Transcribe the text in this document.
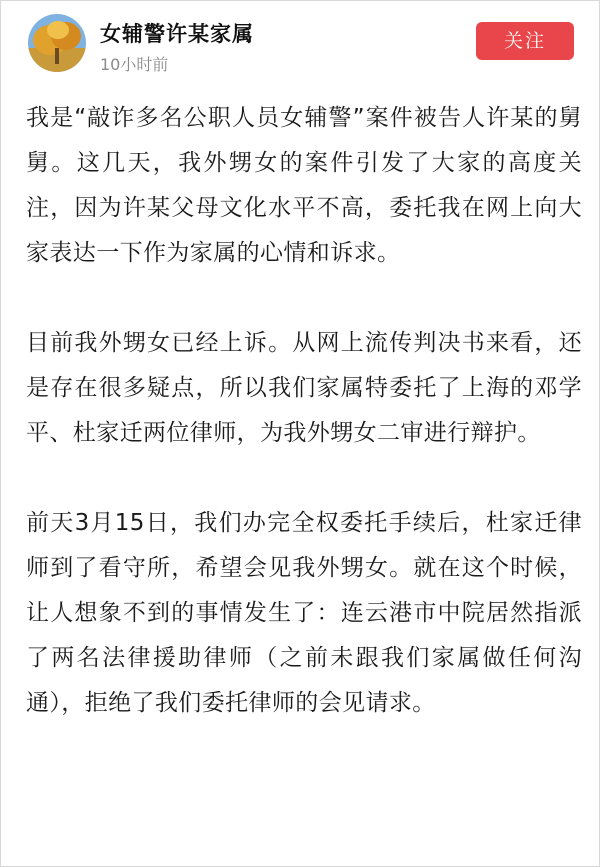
女辅警许某家属
10小时前
关注

我是“敲诈多名公职人员女辅警”案件被告人许某的舅舅。这几天，我外甥女的案件引发了大家的高度关注，因为许某父母文化水平不高，委托我在网上向大家表达一下作为家属的心情和诉求。

目前我外甥女已经上诉。从网上流传判决书来看，还是存在很多疑点，所以我们家属特委托了上海的邓学平、杜家迁两位律师，为我外甥女二审进行辩护。

前天3月15日，我们办完全权委托手续后，杜家迁律师到了看守所，希望会见我外甥女。就在这个时候，让人想象不到的事情发生了：连云港市中院居然指派了两名法律援助律师（之前未跟我们家属做任何沟通），拒绝了我们委托律师的会见请求。
